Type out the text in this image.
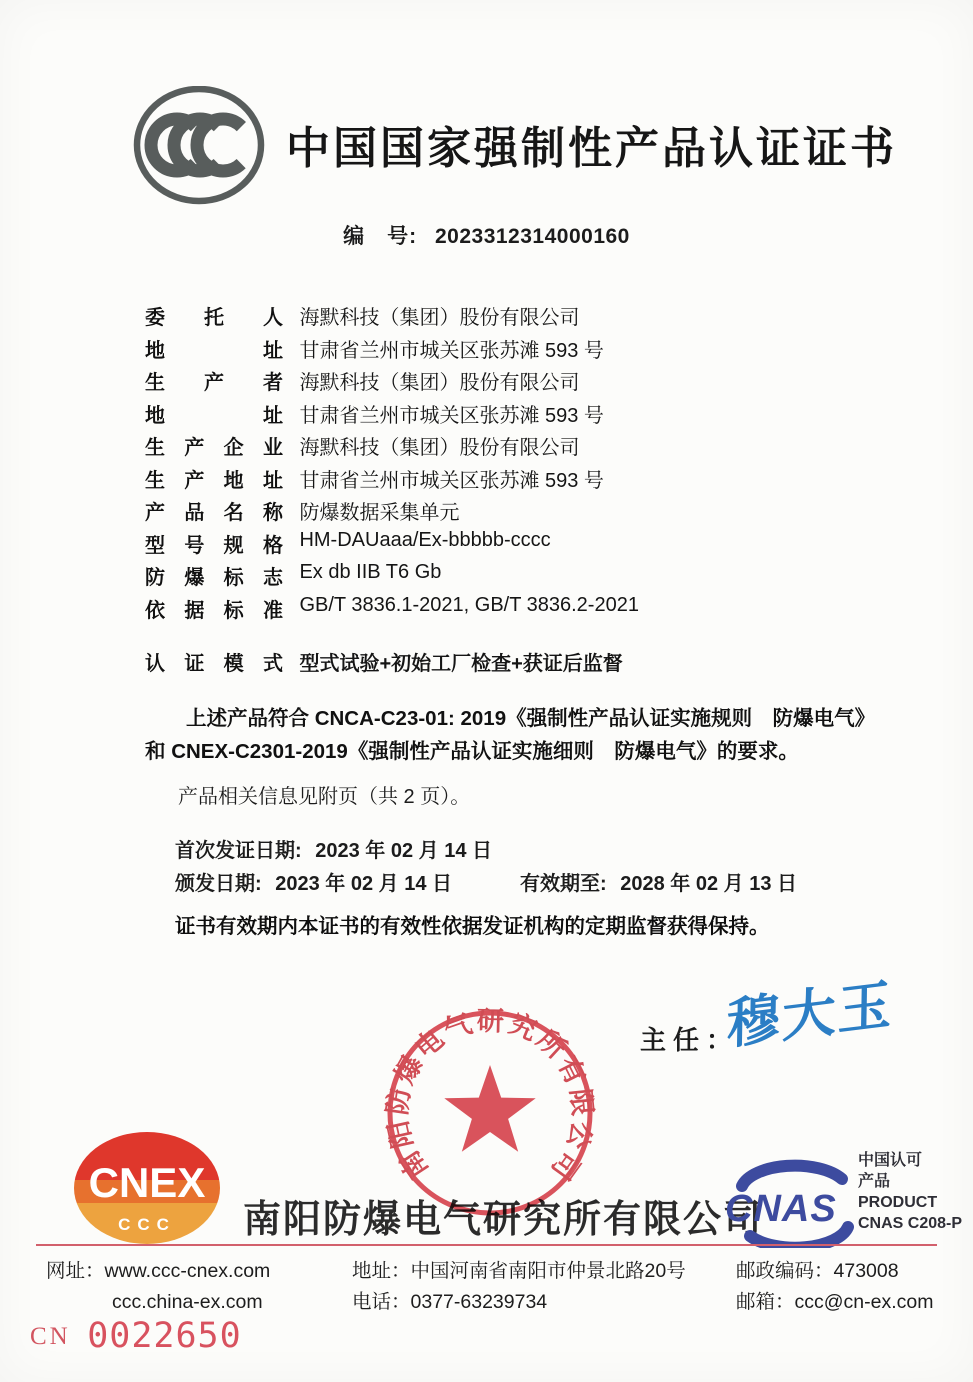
中国国家强制性产品认证证书
编　号: 2023312314000160
委托人 海默科技（集团）股份有限公司
地址 甘肃省兰州市城关区张苏滩 593 号
生产者 海默科技（集团）股份有限公司
地址 甘肃省兰州市城关区张苏滩 593 号
生产企业 海默科技（集团）股份有限公司
生产地址 甘肃省兰州市城关区张苏滩 593 号
产品名称 防爆数据采集单元
型号规格 HM-DAUaaa/Ex-bbbbb-cccc
防爆标志 Ex db IIB T6 Gb
依据标准 GB/T 3836.1-2021, GB/T 3836.2-2021
认证模式 型式试验+初始工厂检查+获证后监督
上述产品符合 CNCA-C23-01: 2019《强制性产品认证实施规则　防爆电气》
和 CNEX-C2301-2019《强制性产品认证实施细则　防爆电气》的要求。
产品相关信息见附页（共 2 页）。
首次发证日期: 2023 年 02 月 14 日
颁发日期: 2023 年 02 月 14 日	有效期至: 2028 年 02 月 13 日
证书有效期内本证书的有效性依据发证机构的定期监督获得保持。
主任：
穆大玉
南阳防爆电气研究所有限公司
南阳防爆电气研究所有限公司
CNEX
CCC	CNAS
中国认可
产品
PRODUCT
CNAS C208-P
网址：www.ccc-cnex.com
ccc.china-ex.com
地址：中国河南省南阳市仲景北路20号
电话：0377-63239734
邮政编码：473008
邮箱：ccc@cn-ex.com
CN 0022650
